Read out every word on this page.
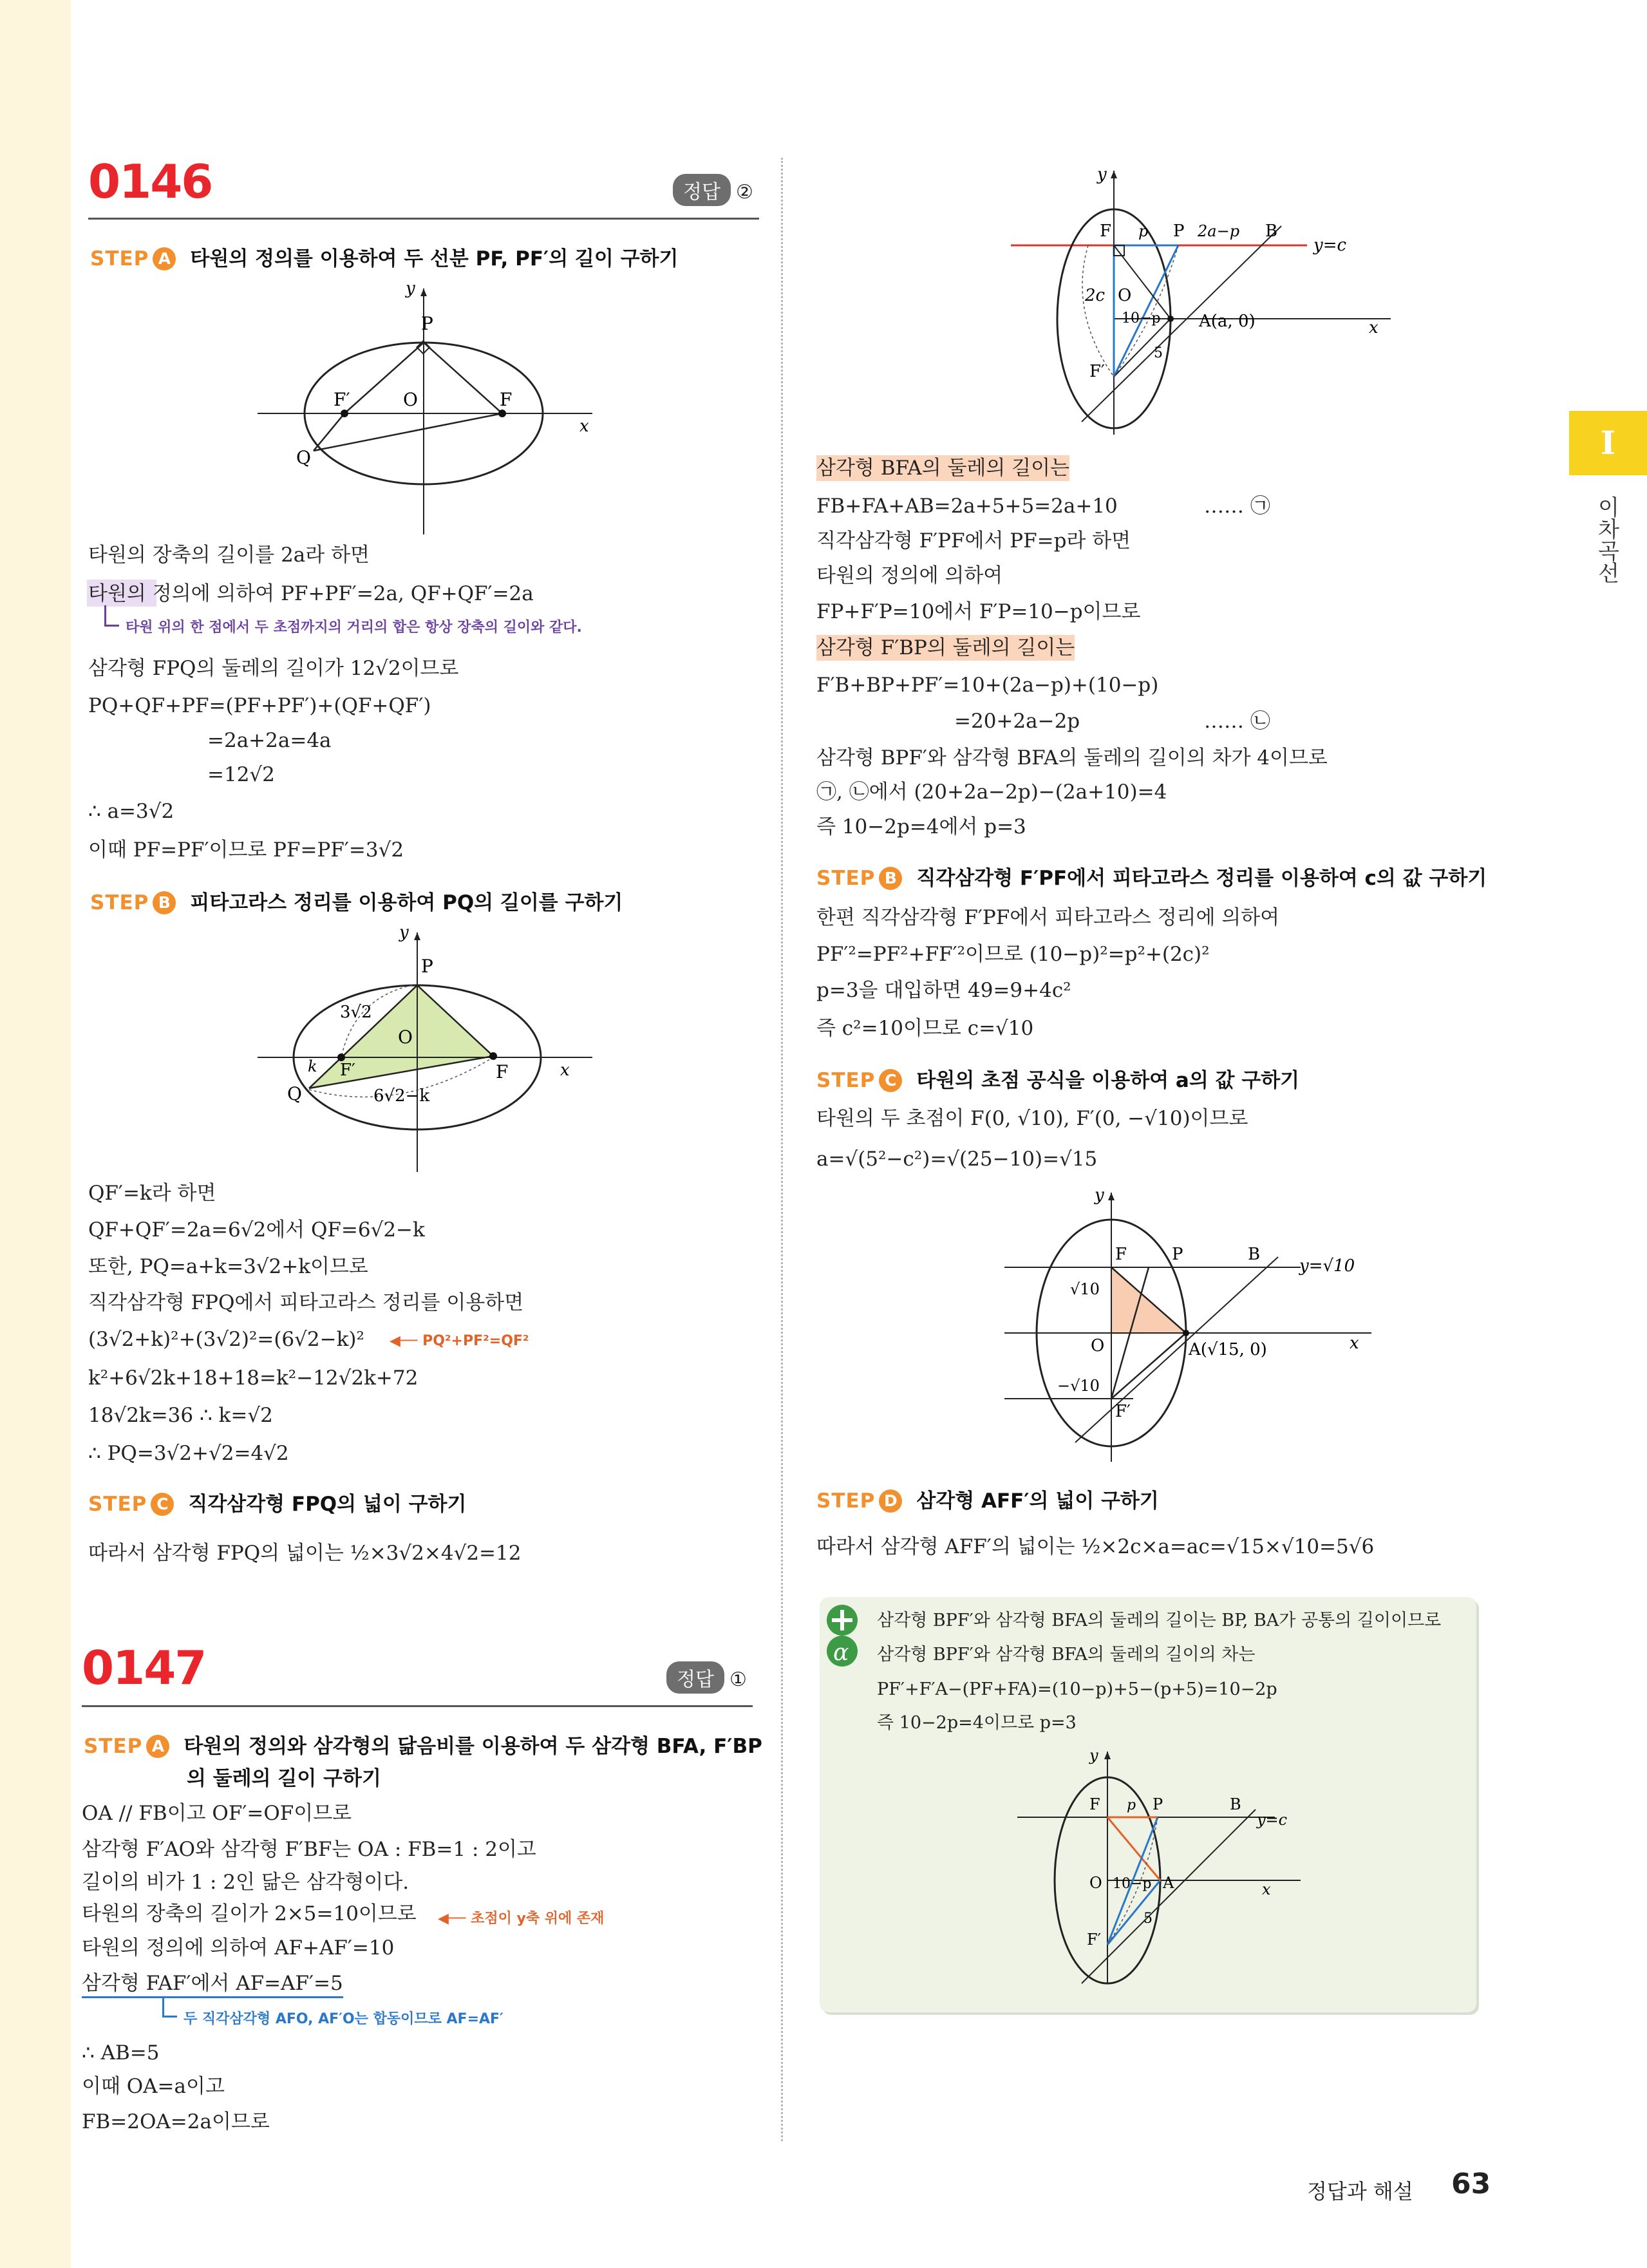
I
이차곡선
0146	정답 ②
STEP A 타원의 정의를 이용하여 두 선분 PF, PF′의 길이 구하기
y
x
P
F′	O	F
Q
타원의 장축의 길이를 2a라 하면
타원의 정의에 의하여 PF+PF′=2a, QF+QF′=2a
타원 위의 한 점에서 두 초점까지의 거리의 합은 항상 장축의 길이와 같다.
삼각형 FPQ의 둘레의 길이가 12√2이므로
PQ+QF+PF=(PF+PF′)+(QF+QF′)
=2a+2a=4a
=12√2
∴ a=3√2
이때 PF=PF′이므로 PF=PF′=3√2
STEP B 피타고라스 정리를 이용하여 PQ의 길이를 구하기
y
x
P
3√2
O
F′
k	F
Q	6√2−k
QF′=k라 하면
QF+QF′=2a=6√2에서 QF=6√2−k
또한, PQ=a+k=3√2+k이므로
직각삼각형 FPQ에서 피타고라스 정리를 이용하면
(3√2+k)²+(3√2)²=(6√2−k)² ◀── PQ²+PF²=QF²
k²+6√2k+18+18=k²−12√2k+72
18√2k=36 ∴ k=√2
∴ PQ=3√2+√2=4√2
STEP C 직각삼각형 FPQ의 넓이 구하기
따라서 삼각형 FPQ의 넓이는 ½×3√2×4√2=12
0147	정답 ①
STEP A 타원의 정의와 삼각형의 닮음비를 이용하여 두 삼각형 BFA, F′BP
의 둘레의 길이 구하기
OA // FB이고 OF′=OF이므로
삼각형 F′AO와 삼각형 F′BF는 OA : FB=1 : 2이고
길이의 비가 1 : 2인 닮은 삼각형이다.
타원의 장축의 길이가 2×5=10이므로 ◀── 초점이 y축 위에 존재
타원의 정의에 의하여 AF+AF′=10
삼각형 FAF′에서 AF=AF′=5
두 직각삼각형 AFO, AF′O는 합동이므로 AF=AF′
∴ AB=5
이때 OA=a이고
FB=2OA=2a이므로
y
x
F p P 2a−p B
y=c
2c O
10−p A(a, 0)
5
F′
삼각형 BFA의 둘레의 길이는
FB+FA+AB=2a+5+5=2a+10	…… ㉠
직각삼각형 F′PF에서 PF=p라 하면
타원의 정의에 의하여
FP+F′P=10에서 F′P=10−p이므로
삼각형 F′BP의 둘레의 길이는
F′B+BP+PF′=10+(2a−p)+(10−p)
=20+2a−2p	…… ㉡
삼각형 BPF′와 삼각형 BFA의 둘레의 길이의 차가 4이므로
㉠, ㉡에서 (20+2a−2p)−(2a+10)=4
즉 10−2p=4에서 p=3
STEP B 직각삼각형 F′PF에서 피타고라스 정리를 이용하여 c의 값 구하기
한편 직각삼각형 F′PF에서 피타고라스 정리에 의하여
PF′²=PF²+FF′²이므로 (10−p)²=p²+(2c)²
p=3을 대입하면 49=9+4c²
즉 c²=10이므로 c=√10
STEP C 타원의 초점 공식을 이용하여 a의 값 구하기
타원의 두 초점이 F(0, √10), F′(0, −√10)이므로
a=√(5²−c²)=√(25−10)=√15
y
x
F	P	B
y=√10
√10
O	A(√15, 0)
−√10
F′
STEP D 삼각형 AFF′의 넓이 구하기
따라서 삼각형 AFF′의 넓이는 ½×2c×a=ac=√15×√10=5√6
α
삼각형 BPF′와 삼각형 BFA의 둘레의 길이는 BP, BA가 공통의 길이이므로
삼각형 BPF′와 삼각형 BFA의 둘레의 길이의 차는
PF′+F′A−(PF+FA)=(10−p)+5−(p+5)=10−2p
즉 10−2p=4이므로 p=3
y
x
F p P	B
y=c
O 10−p A
5
F′
정답과 해설 63
